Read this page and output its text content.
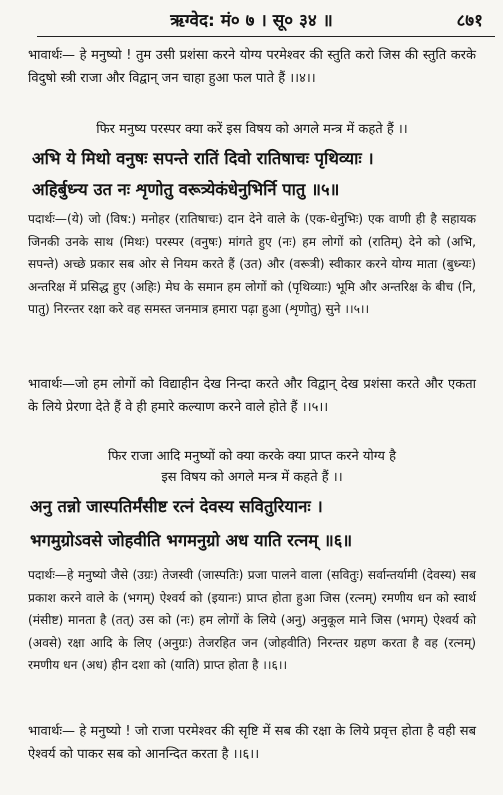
ऋग्वेद: मं० ७ । सू० ३४ ॥	८७१
भावार्थः— हे मनुष्यो ! तुम उसी प्रशंसा करने योग्य परमेश्वर की स्तुति करो जिस की स्तुति करके विदुषो स्त्री राजा और विद्वान् जन चाहा हुआ फल पाते हैं ।।४।।
फिर मनुष्य परस्पर क्या करें इस विषय को अगले मन्त्र में कहते हैं ।।
अभि ये मिथो वनुषः सपन्ते रातिं दिवो रातिषाचः पृथिव्याः ।
अहिर्बुध्न्य उत नः शृणोतु वरूत्र्येकंधेनुभिर्नि पातु ॥५॥
पदार्थः—(ये) जो (विष:) मनोहर (रातिषाचः) दान देने वाले के (एक-धेनुभिः) एक वाणी ही है सहायक जिनकी उनके साथ (मिथः) परस्पर (वनुषः) मांगते हुए (नः) हम लोगों को (रातिम्) देने को (अभि, सपन्ते) अच्छे प्रकार सब ओर से नियम करते हैं (उत) और (वरूत्री) स्वीकार करने योग्य माता (बुध्न्यः) अन्तरिक्ष में प्रसिद्ध हुए (अहिः) मेघ के समान हम लोगों को (पृथिव्याः) भूमि और अन्तरिक्ष के बीच (नि, पातु) निरन्तर रक्षा करे वह समस्त जनमात्र हमारा पढ़ा हुआ (शृणोतु) सुने ।।५।।
भावार्थः—जो हम लोगों को विद्याहीन देख निन्दा करते और विद्वान् देख प्रशंसा करते और एकता के लिये प्रेरणा देते हैं वे ही हमारे कल्याण करने वाले होते हैं ।।५।।
फिर राजा आदि मनुष्यों को क्या करके क्या प्राप्त करने योग्य है
इस विषय को अगले मन्त्र में कहते हैं ।।
अनु तन्नो जास्पतिर्मंसीष्ट रत्नं देवस्य सवितुरियानः ।
भगमुग्रोऽवसे जोहवीति भगमनुग्रो अध याति रत्नम् ॥६॥
पदार्थः—हे मनुष्यो जैसे (उग्रः) तेजस्वी (जास्पतिः) प्रजा पालने वाला (सवितुः) सर्वान्तर्यामी (देवस्य) सब प्रकाश करने वाले के (भगम्) ऐश्वर्य को (इयानः) प्राप्त होता हुआ जिस (रत्नम्) रमणीय धन को स्वार्थ (मंसीष्ट) मानता है (तत्) उस को (नः) हम लोगों के लिये (अनु) अनुकूल माने जिस (भगम्) ऐश्वर्य को (अवसे) रक्षा आदि के लिए (अनुग्रः) तेजरहित जन (जोहवीति) निरन्तर ग्रहण करता है वह (रत्नम्) रमणीय धन (अध) हीन दशा को (याति) प्राप्त होता है ।।६।।
भावार्थः— हे मनुष्यो ! जो राजा परमेश्वर की सृष्टि में सब की रक्षा के लिये प्रवृत्त होता है वही सब ऐश्वर्य को पाकर सब को आनन्दित करता है ।।६।।
